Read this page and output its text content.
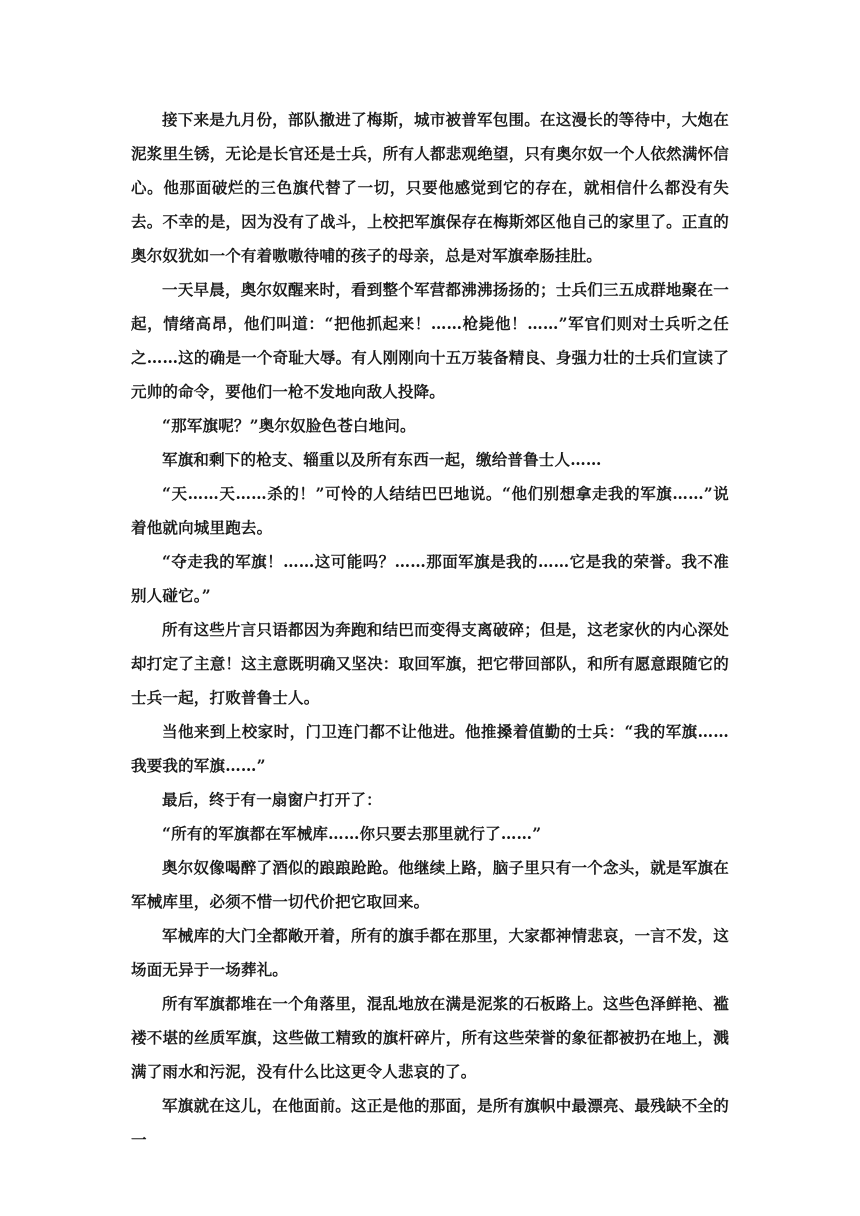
接下来是九月份，部队撤进了梅斯，城市被普军包围。在这漫长的等待中，大炮在泥浆里生锈，无论是长官还是士兵，所有人都悲观绝望，只有奥尔奴一个人依然满怀信心。他那面破烂的三色旗代替了一切，只要他感觉到它的存在，就相信什么都没有失去。不幸的是，因为没有了战斗，上校把军旗保存在梅斯郊区他自己的家里了。正直的奥尔奴犹如一个有着嗷嗷待哺的孩子的母亲，总是对军旗牵肠挂肚。

一天早晨，奥尔奴醒来时，看到整个军营都沸沸扬扬的；士兵们三五成群地聚在一起，情绪高昂，他们叫道：“把他抓起来！……枪毙他！……”军官们则对士兵听之任之……这的确是一个奇耻大辱。有人刚刚向十五万装备精良、身强力壮的士兵们宣读了元帅的命令，要他们一枪不发地向敌人投降。

“那军旗呢？”奥尔奴脸色苍白地问。

军旗和剩下的枪支、辎重以及所有东西一起，缴给普鲁士人……

“天……天……杀的！”可怜的人结结巴巴地说。“他们别想拿走我的军旗……”说着他就向城里跑去。

“夺走我的军旗！……这可能吗？……那面军旗是我的……它是我的荣誉。我不准别人碰它。”

所有这些片言只语都因为奔跑和结巴而变得支离破碎；但是，这老家伙的内心深处却打定了主意！这主意既明确又坚决：取回军旗，把它带回部队，和所有愿意跟随它的士兵一起，打败普鲁士人。

当他来到上校家时，门卫连门都不让他进。他推搡着值勤的士兵：“我的军旗……我要我的军旗……”

最后，终于有一扇窗户打开了：

“所有的军旗都在军械库……你只要去那里就行了……”

奥尔奴像喝醉了酒似的踉踉跄跄。他继续上路，脑子里只有一个念头，就是军旗在军械库里，必须不惜一切代价把它取回来。

军械库的大门全都敞开着，所有的旗手都在那里，大家都神情悲哀，一言不发，这场面无异于一场葬礼。

所有军旗都堆在一个角落里，混乱地放在满是泥浆的石板路上。这些色泽鲜艳、褴褛不堪的丝质军旗，这些做工精致的旗杆碎片，所有这些荣誉的象征都被扔在地上，溅满了雨水和污泥，没有什么比这更令人悲哀的了。

军旗就在这儿，在他面前。这正是他的那面，是所有旗帜中最漂亮、最残缺不全的一
